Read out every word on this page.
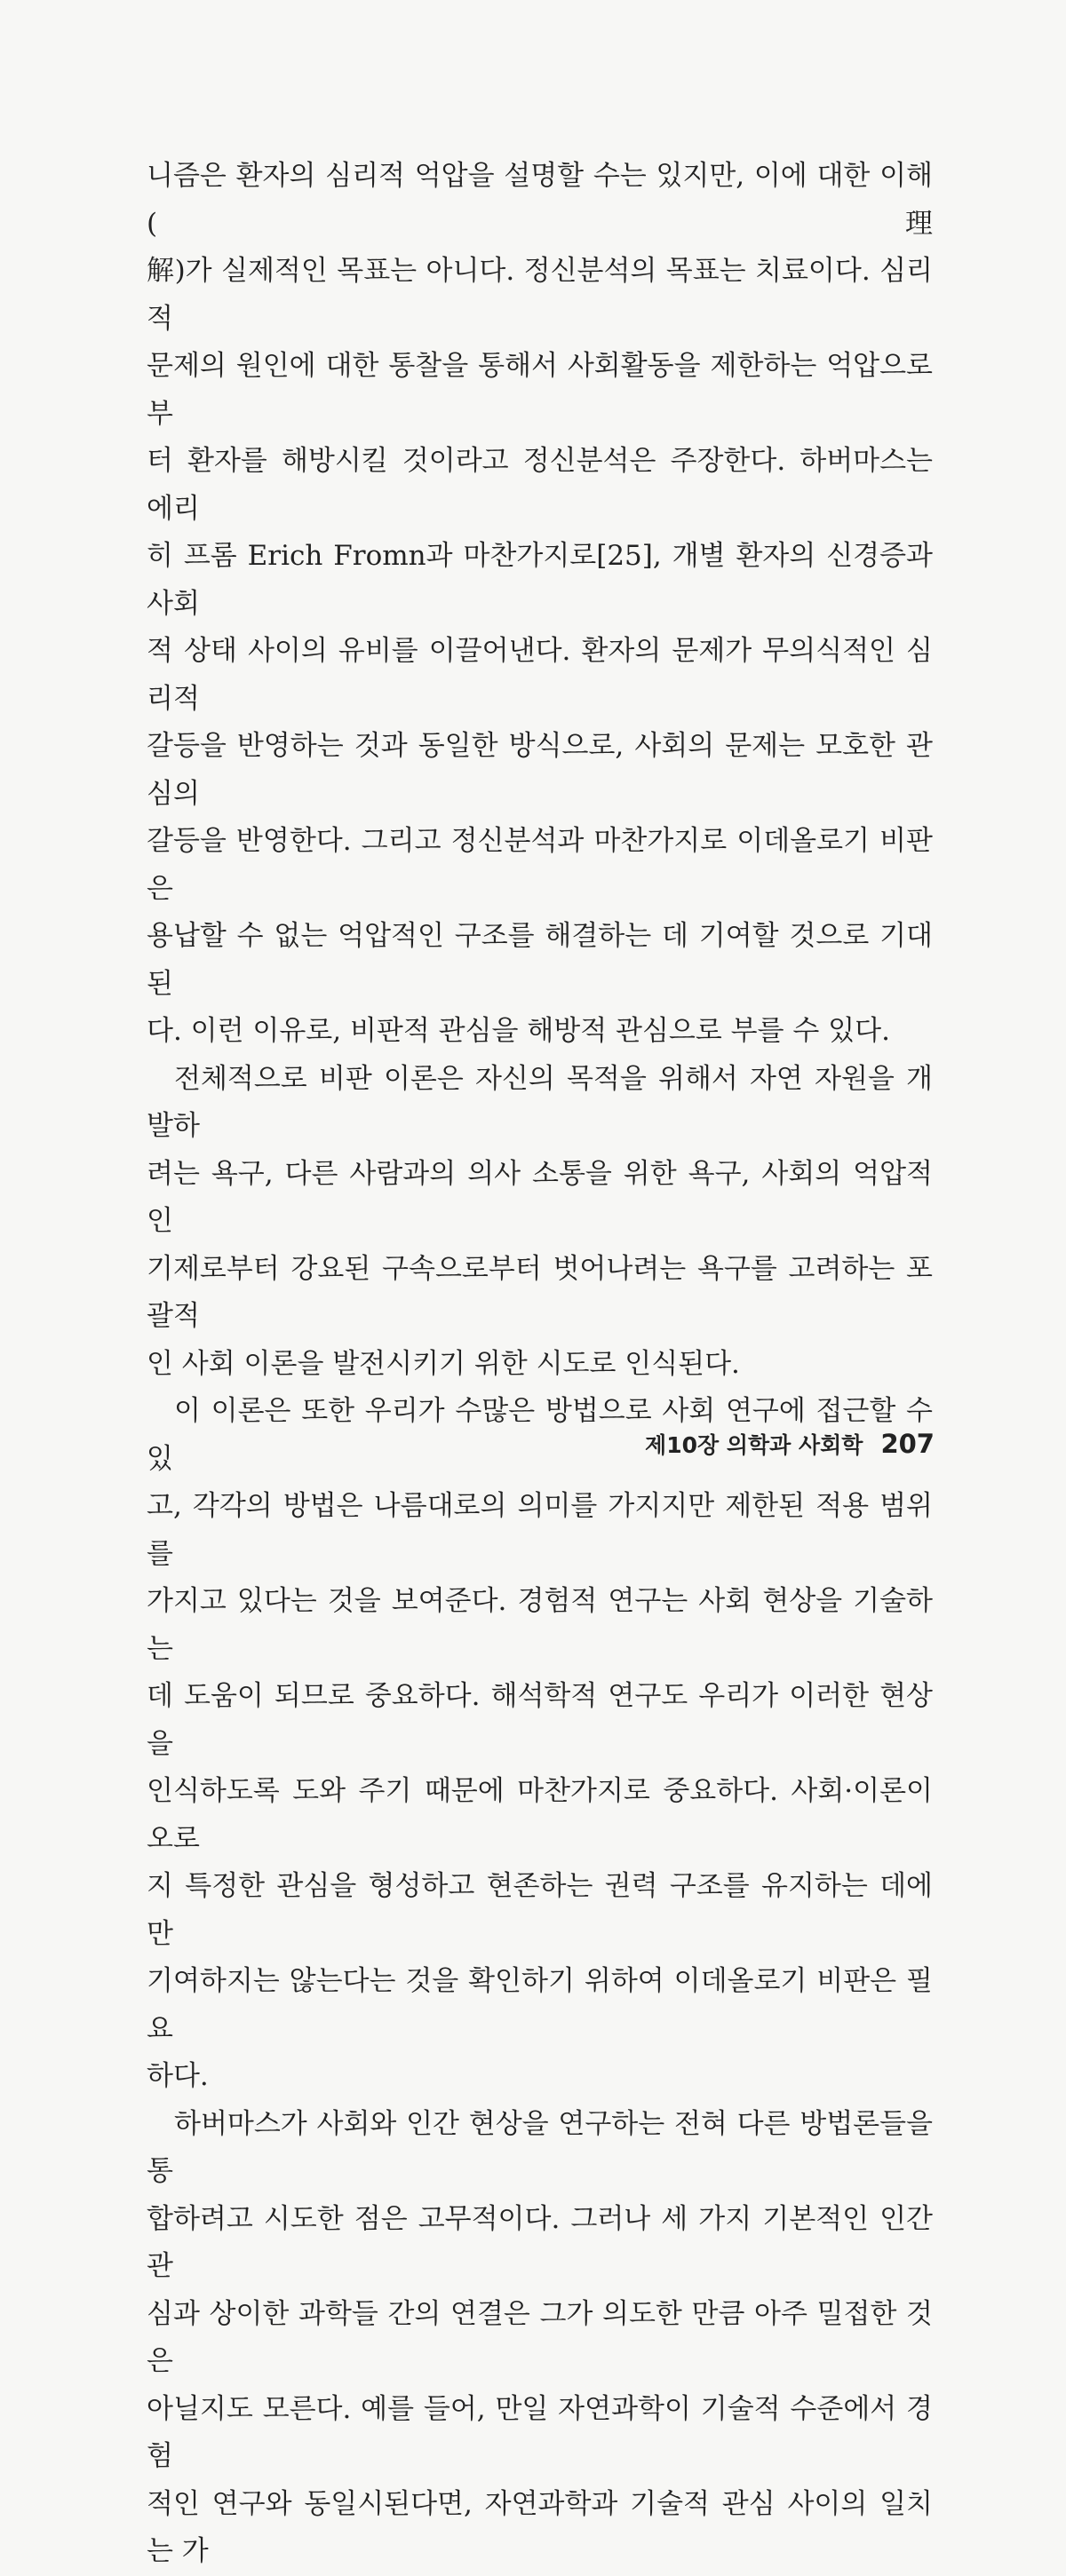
니즘은 환자의 심리적 억압을 설명할 수는 있지만, 이에 대한 이해(理

解)가 실제적인 목표는 아니다. 정신분석의 목표는 치료이다. 심리적

문제의 원인에 대한 통찰을 통해서 사회활동을 제한하는 억압으로부

터 환자를 해방시킬 것이라고 정신분석은 주장한다. 하버마스는 에리

히 프롬 Erich Fromn과 마찬가지로[25], 개별 환자의 신경증과 사회

적 상태 사이의 유비를 이끌어낸다. 환자의 문제가 무의식적인 심리적

갈등을 반영하는 것과 동일한 방식으로, 사회의 문제는 모호한 관심의

갈등을 반영한다. 그리고 정신분석과 마찬가지로 이데올로기 비판은

용납할 수 없는 억압적인 구조를 해결하는 데 기여할 것으로 기대된

다. 이런 이유로, 비판적 관심을 해방적 관심으로 부를 수 있다.

전체적으로 비판 이론은 자신의 목적을 위해서 자연 자원을 개발하

려는 욕구, 다른 사람과의 의사 소통을 위한 욕구, 사회의 억압적인

기제로부터 강요된 구속으로부터 벗어나려는 욕구를 고려하는 포괄적

인 사회 이론을 발전시키기 위한 시도로 인식된다.

이 이론은 또한 우리가 수많은 방법으로 사회 연구에 접근할 수 있

고, 각각의 방법은 나름대로의 의미를 가지지만 제한된 적용 범위를

가지고 있다는 것을 보여준다. 경험적 연구는 사회 현상을 기술하는

데 도움이 되므로 중요하다. 해석학적 연구도 우리가 이러한 현상을

인식하도록 도와 주기 때문에 마찬가지로 중요하다. 사회·이론이 오로

지 특정한 관심을 형성하고 현존하는 권력 구조를 유지하는 데에만

기여하지는 않는다는 것을 확인하기 위하여 이데올로기 비판은 필요

하다.

하버마스가 사회와 인간 현상을 연구하는 전혀 다른 방법론들을 통

합하려고 시도한 점은 고무적이다. 그러나 세 가지 기본적인 인간 관

심과 상이한 과학들 간의 연결은 그가 의도한 만큼 아주 밀접한 것은

아닐지도 모른다. 예를 들어, 만일 자연과학이 기술적 수준에서 경험

적인 연구와 동일시된다면, 자연과학과 기술적 관심 사이의 일치는 가

제10장 의학과 사회학 207
